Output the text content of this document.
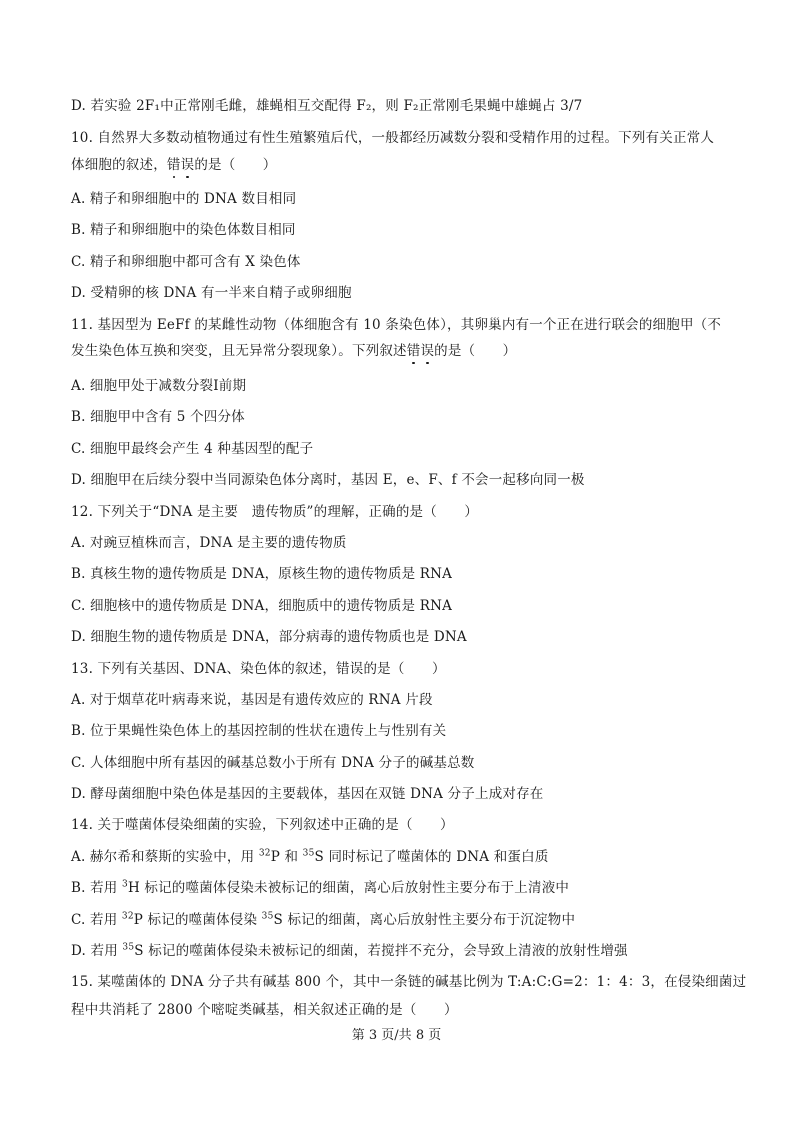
D. 若实验 2F₁中正常刚毛雌，雄蝇相互交配得 F₂，则 F₂正常刚毛果蝇中雄蝇占 3/7
10. 自然界大多数动植物通过有性生殖繁殖后代，一般都经历减数分裂和受精作用的过程。下列有关正常人
体细胞的叙述，错误的是（　　）
A. 精子和卵细胞中的 DNA 数目相同
B. 精子和卵细胞中的染色体数目相同
C. 精子和卵细胞中都可含有 X 染色体
D. 受精卵的核 DNA 有一半来自精子或卵细胞
11. 基因型为 EeFf 的某雌性动物（体细胞含有 10 条染色体），其卵巢内有一个正在进行联会的细胞甲（不
发生染色体互换和突变，且无异常分裂现象）。下列叙述错误的是（　　）
A. 细胞甲处于减数分裂Ⅰ前期
B. 细胞甲中含有 5 个四分体
C. 细胞甲最终会产生 4 种基因型的配子
D. 细胞甲在后续分裂中当同源染色体分离时，基因 E，e、F、f 不会一起移向同一极
12. 下列关于“DNA 是主要　遗传物质”的理解，正确的是（　　）
A. 对豌豆植株而言，DNA 是主要的遗传物质
B. 真核生物的遗传物质是 DNA，原核生物的遗传物质是 RNA
C. 细胞核中的遗传物质是 DNA，细胞质中的遗传物质是 RNA
D. 细胞生物的遗传物质是 DNA，部分病毒的遗传物质也是 DNA
13. 下列有关基因、DNA、染色体的叙述，错误的是（　　）
A. 对于烟草花叶病毒来说，基因是有遗传效应的 RNA 片段
B. 位于果蝇性染色体上的基因控制的性状在遗传上与性别有关
C. 人体细胞中所有基因的碱基总数小于所有 DNA 分子的碱基总数
D. 酵母菌细胞中染色体是基因的主要载体，基因在双链 DNA 分子上成对存在
14. 关于噬菌体侵染细菌的实验，下列叙述中正确的是（　　）
A. 赫尔希和蔡斯的实验中，用 $^{32}$P 和 $^{35}$S 同时标记了噬菌体的 DNA 和蛋白质
B. 若用 $^3$H 标记的噬菌体侵染未被标记的细菌，离心后放射性主要分布于上清液中
C. 若用 $^{32}$P 标记的噬菌体侵染 $^{35}$S 标记的细菌，离心后放射性主要分布于沉淀物中
D. 若用 $^{35}$S 标记的噬菌体侵染未被标记的细菌，若搅拌不充分，会导致上清液的放射性增强
15. 某噬菌体的 DNA 分子共有碱基 800 个，其中一条链的碱基比例为 T:A:C:G=2：1：4：3，在侵染细菌过
程中共消耗了 2800 个嘧啶类碱基，相关叙述正确的是（　　）
第 3 页/共 8 页
